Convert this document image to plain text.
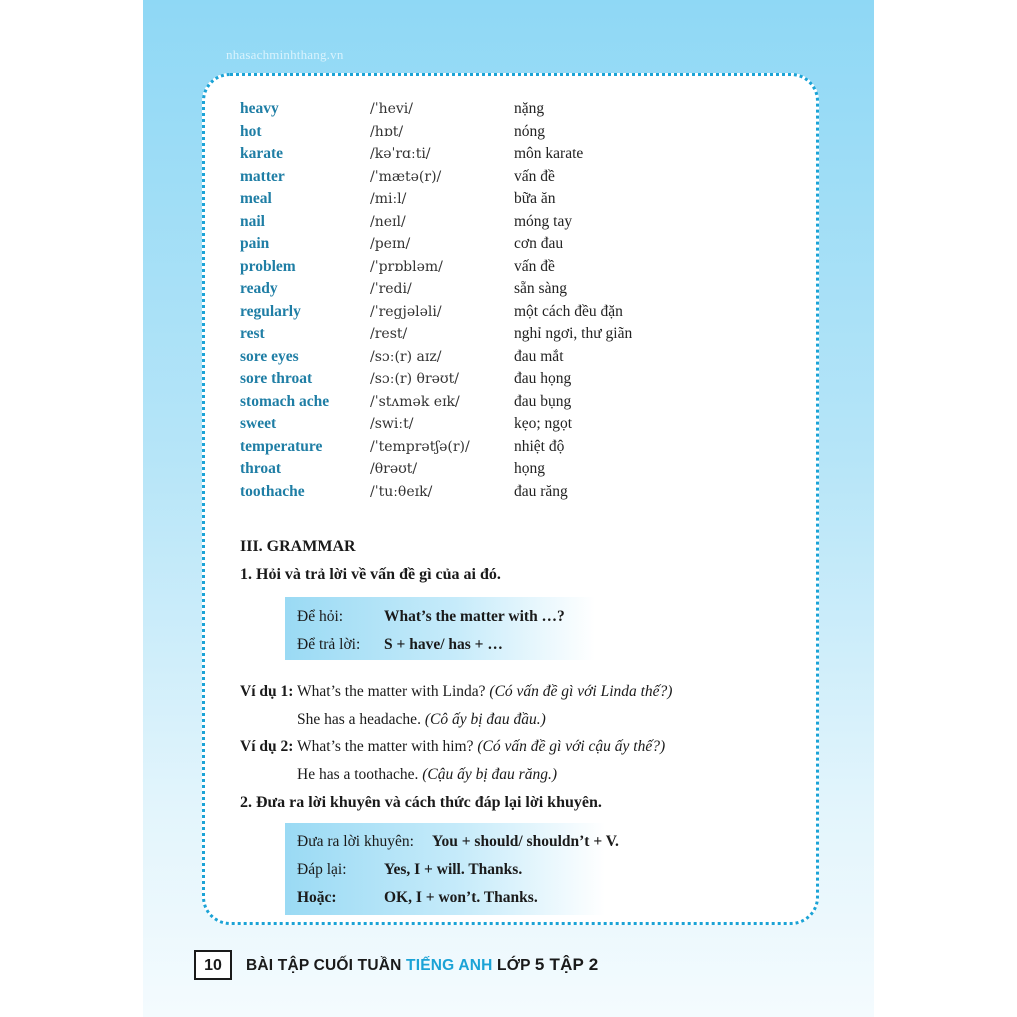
nhasachminhthang.vn
heavy	/ˈhevi/	nặng
hot	/hɒt/	nóng
karate	/kəˈrɑːti/	môn karate
matter	/ˈmætə(r)/	vấn đề
meal	/miːl/	bữa ăn
nail	/neɪl/	móng tay
pain	/peɪn/	cơn đau
problem	/ˈprɒbləm/	vấn đề
ready	/ˈredi/	sẵn sàng
regularly	/ˈregjələli/	một cách đều đặn
rest	/rest/	nghỉ ngơi, thư giãn
sore eyes	/sɔː(r) aɪz/	đau mắt
sore throat	/sɔː(r) θrəʊt/	đau họng
stomach ache	/ˈstʌmək eɪk/	đau bụng
sweet	/swiːt/	kẹo; ngọt
temperature	/ˈtemprətʃə(r)/	nhiệt độ
throat	/θrəʊt/	họng
toothache	/ˈtuːθeɪk/	đau răng
III. GRAMMAR
1. Hỏi và trả lời về vấn đề gì của ai đó.
Để hỏi:	What’s the matter with …?
Để trả lời: S + have/ has + …
Ví dụ 1: What’s the matter with Linda? (Có vấn đề gì với Linda thế?)
She has a headache. (Cô ấy bị đau đầu.)
Ví dụ 2: What’s the matter with him? (Có vấn đề gì với cậu ấy thế?)
He has a toothache. (Cậu ấy bị đau răng.)
2. Đưa ra lời khuyên và cách thức đáp lại lời khuyên.
Đưa ra lời khuyên: You + should/ shouldn’t + V.
Đáp lại: Yes, I + will. Thanks.
Hoặc:	OK, I + won’t. Thanks.
10	BÀI TẬP CUỐI TUẦN TIẾNG ANH LỚP 5 TẬP 2
